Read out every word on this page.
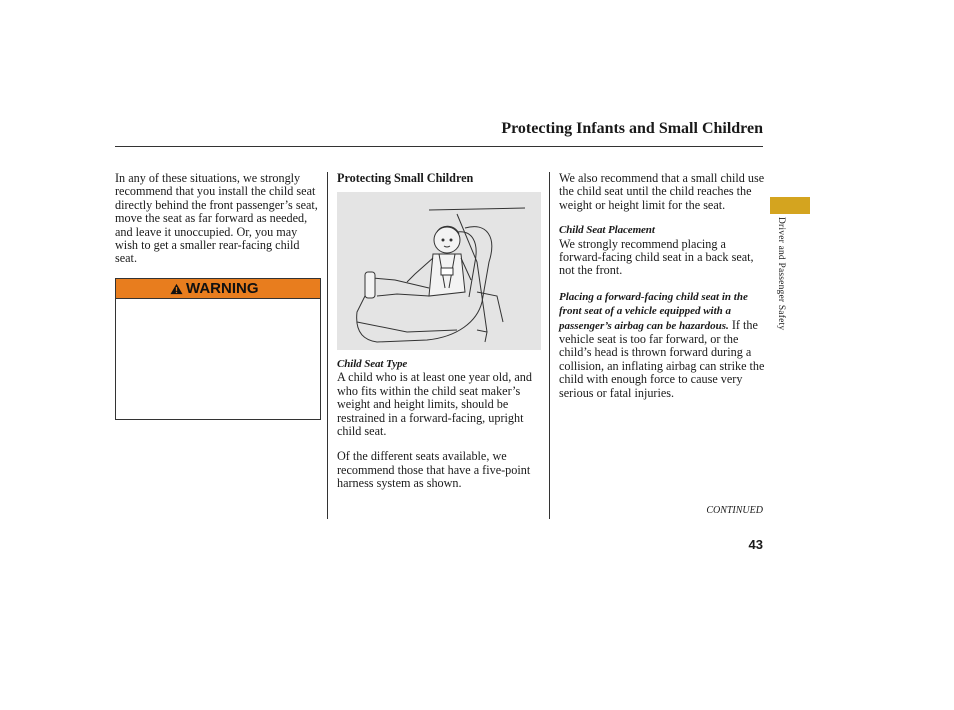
Protecting Infants and Small Children

In any of these situations, we strongly recommend that you install the child seat directly behind the front passenger’s seat, move the seat as far forward as needed, and leave it unoccupied. Or, you may wish to get a smaller rear-facing child seat.

WARNING

Protecting Small Children

Child Seat Type

A child who is at least one year old, and who fits within the child seat maker’s weight and height limits, should be restrained in a forward-facing, upright child seat.

Of the different seats available, we recommend those that have a five-point harness system as shown.

We also recommend that a small child use the child seat until the child reaches the weight or height limit for the seat.

Child Seat Placement

We strongly recommend placing a forward-facing child seat in a back seat, not the front.

Placing a forward-facing child seat in the front seat of a vehicle equipped with a passenger’s airbag can be hazardous. If the vehicle seat is too far forward, or the child’s head is thrown forward during a collision, an inflating airbag can strike the child with enough force to cause very serious or fatal injuries.

Driver and Passenger Safety
CONTINUED
43
